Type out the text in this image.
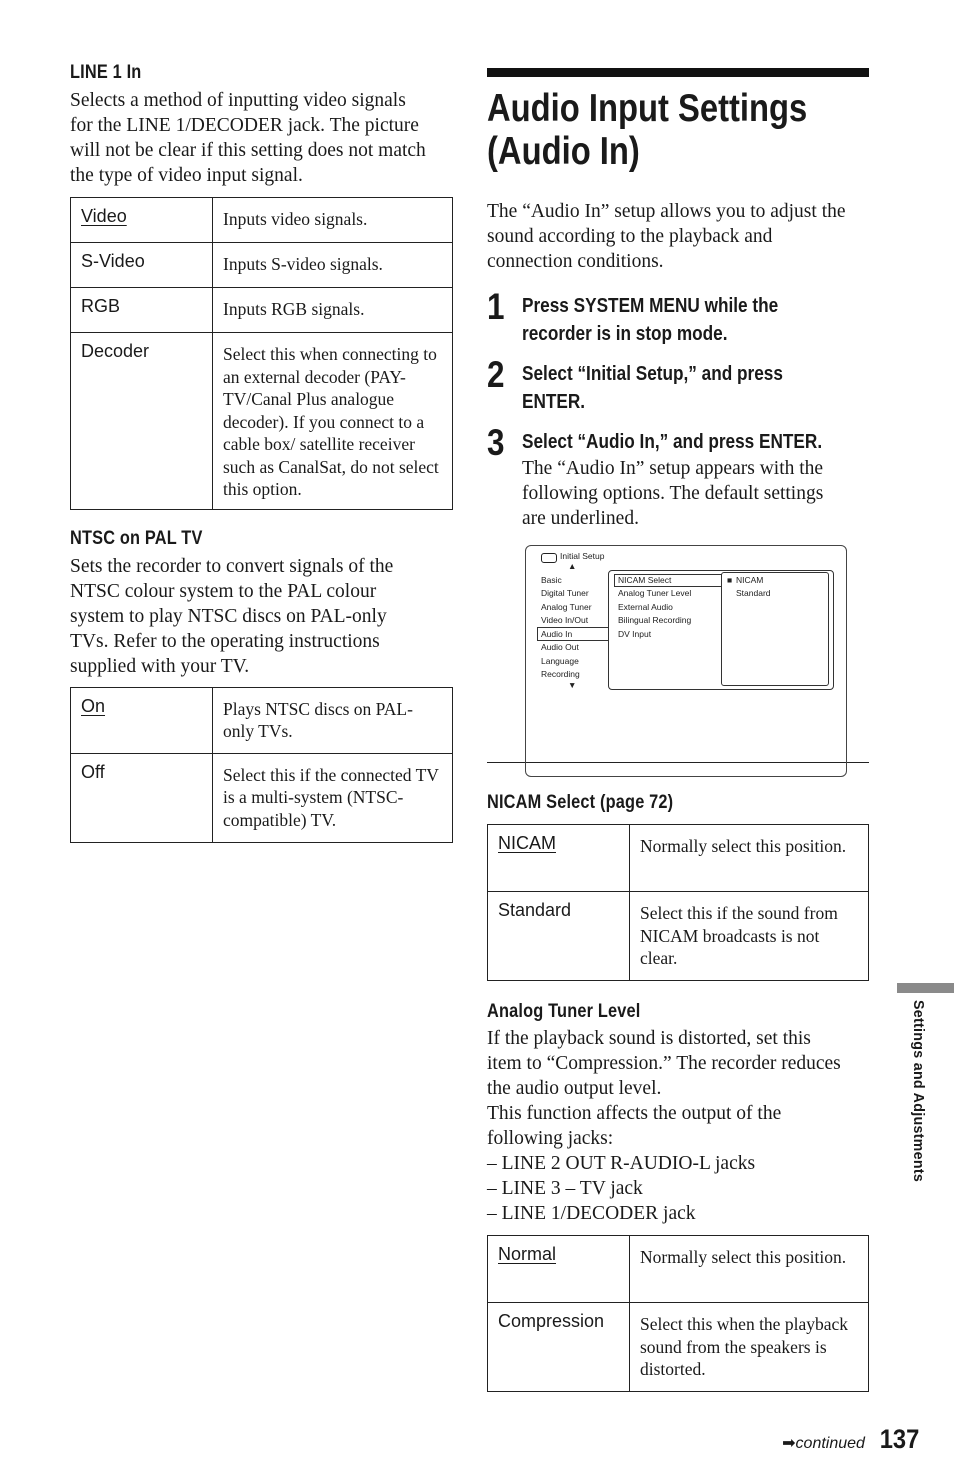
LINE 1 In

Selects a method of inputting video signals

for the LINE 1/DECODER jack. The picture

will not be clear if this setting does not match

the type of video input signal.

Video	Inputs video signals.
S-Video	Inputs S-video signals.
RGB	Inputs RGB signals.
Decoder	Select this when connecting to an external decoder (PAY-TV/Canal Plus analogue decoder). If you connect to a cable box/ satellite receiver such as CanalSat, do not select this option.
NTSC on PAL TV

Sets the recorder to convert signals of the

NTSC colour system to the PAL colour

system to play NTSC discs on PAL-only

TVs. Refer to the operating instructions

supplied with your TV.

On	Plays NTSC discs on PAL-only TVs.
Off	Select this if the connected TV is a multi-system (NTSC-compatible) TV.
Audio Input Settings
(Audio In)

The “Audio In” setup allows you to adjust the

sound according to the playback and

connection conditions.

1 Press SYSTEM MENU while the
recorder is in stop mode.
2 Select “Initial Setup,” and press
ENTER.
3 Select “Audio In,” and press ENTER.
The “Audio In” setup appears with the
following options. The default settings
are underlined.
Initial Setup
▲
Basic
Digital Tuner
Analog Tuner
Video In/Out
Audio In
Audio Out
Language
Recording
▼
NICAM Select
Analog Tuner Level
External Audio
Bilingual Recording
DV Input
■ NICAM
Standard
NICAM Select (page 72)
NICAM	Normally select this position.
Standard	Select this if the sound from NICAM broadcasts is not clear.
Analog Tuner Level

If the playback sound is distorted, set this

item to “Compression.” The recorder reduces

the audio output level.

This function affects the output of the

following jacks:

– LINE 2 OUT R-AUDIO-L jacks

– LINE 3 – TV jack

– LINE 1/DECODER jack

Normal	Normally select this position.
Compression	Select this when the playback sound from the speakers is distorted.
Settings and Adjustments
➡continued 137
